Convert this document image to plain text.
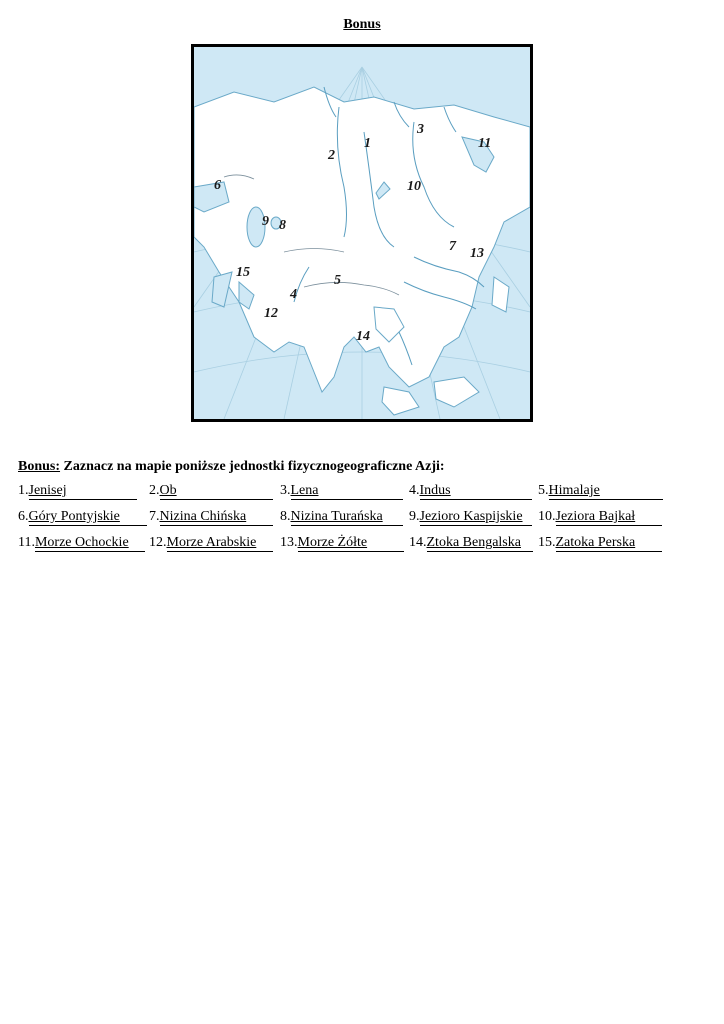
Bonus
1
2
3
4
5
6
7
8
9
10
11
12
13
14
15
Bonus: Zaznacz na mapie poniższe jednostki fizycznogeograficzne Azji:
1.Jenisej	2.Ob	3.Lena	4.Indus	5.Himalaje
6.Góry Pontyjskie	7.Nizina Chińska	8.Nizina Turańska	9.Jezioro Kaspijskie	10.Jeziora Bajkał
11.Morze Ochockie	12.Morze Arabskie	13.Morze Żółte	14.Ztoka Bengalska	15.Zatoka Perska
